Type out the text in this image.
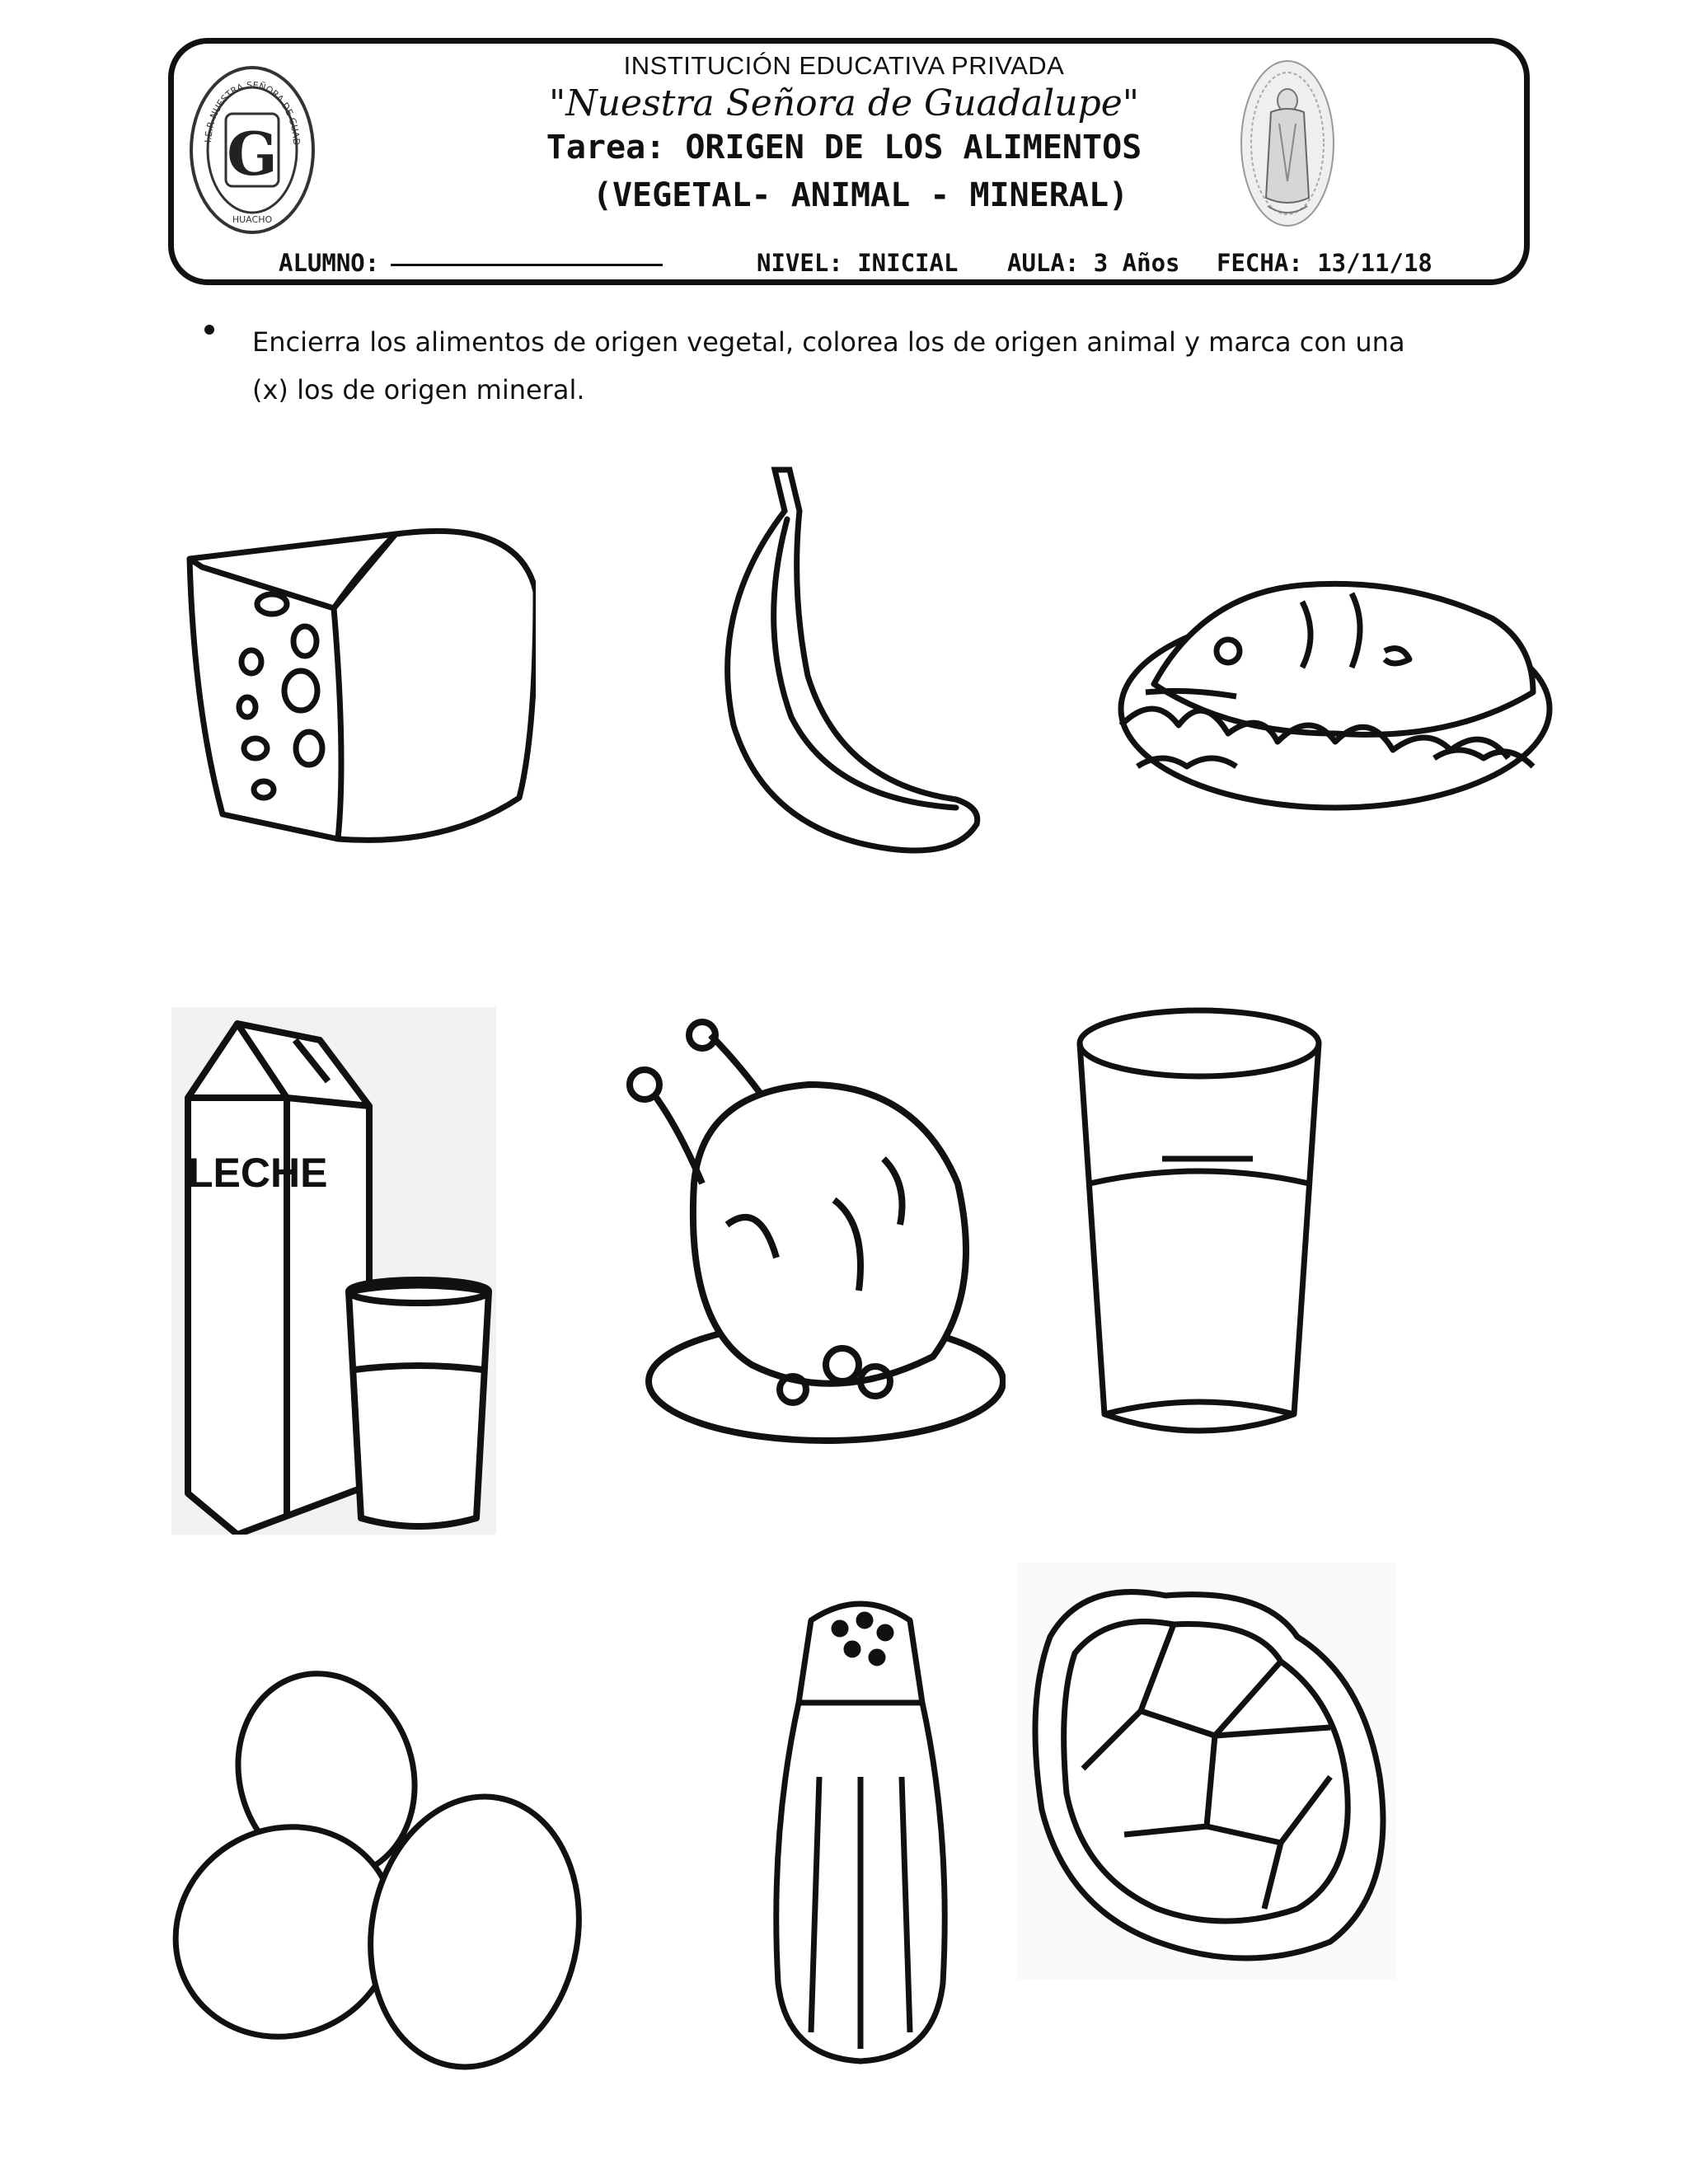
I.E.P. NUESTRA SEÑORA DE GUAD
HUACHO
G
INSTITUCIÓN EDUCATIVA PRIVADA
"Nuestra Señora de Guadalupe"
Tarea: ORIGEN DE LOS ALIMENTOS
(VEGETAL- ANIMAL - MINERAL)
ALUMNO:	NIVEL: INICIAL AULA: 3 Años FECHA: 13/11/18
Encierra los alimentos de origen vegetal, colorea los de origen animal y marca con una (x) los de origen mineral.
LECHE
